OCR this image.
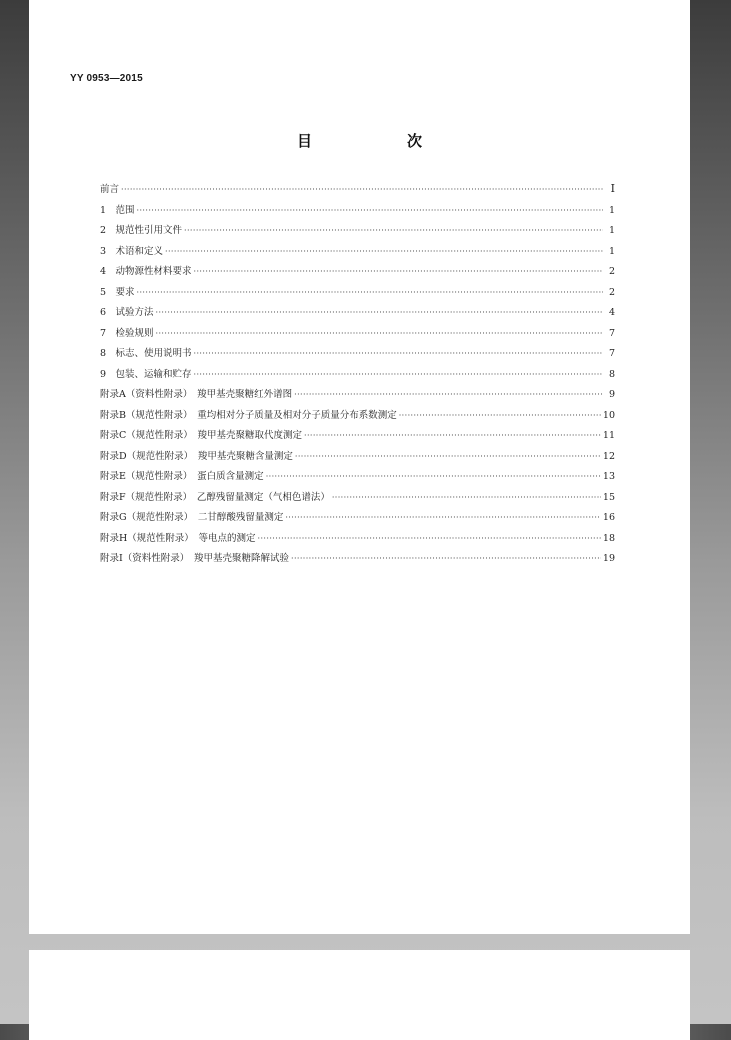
YY 0953—2015
目　次
前言 ·····	I
1　范围 ·····	1
2　规范性引用文件 ·····	1
3　术语和定义 ·····	1
4　动物源性材料要求 ·····	2
5　要求 ·····	2
6　试验方法 ·····	4
7　检验规则 ·····	7
8　标志、使用说明书 ·····	7
9　包装、运输和贮存 ·····	8
附录A（资料性附录）　羧甲基壳聚糖红外谱图 ·····	9
附录B（规范性附录）　重均相对分子质量及相对分子质量分布系数测定 ·····	10
附录C（规范性附录）　羧甲基壳聚糖取代度测定 ·····	11
附录D（规范性附录）　羧甲基壳聚糖含量测定 ·····	12
附录E（规范性附录）　蛋白质含量测定 ·····	13
附录F（规范性附录）　乙醇残留量测定（气相色谱法） ·····	15
附录G（规范性附录）　二甘醇酸残留量测定 ·····	16
附录H（规范性附录）　等电点的测定 ·····	18
附录I（资料性附录）　羧甲基壳聚糖降解试验 ·····	19
